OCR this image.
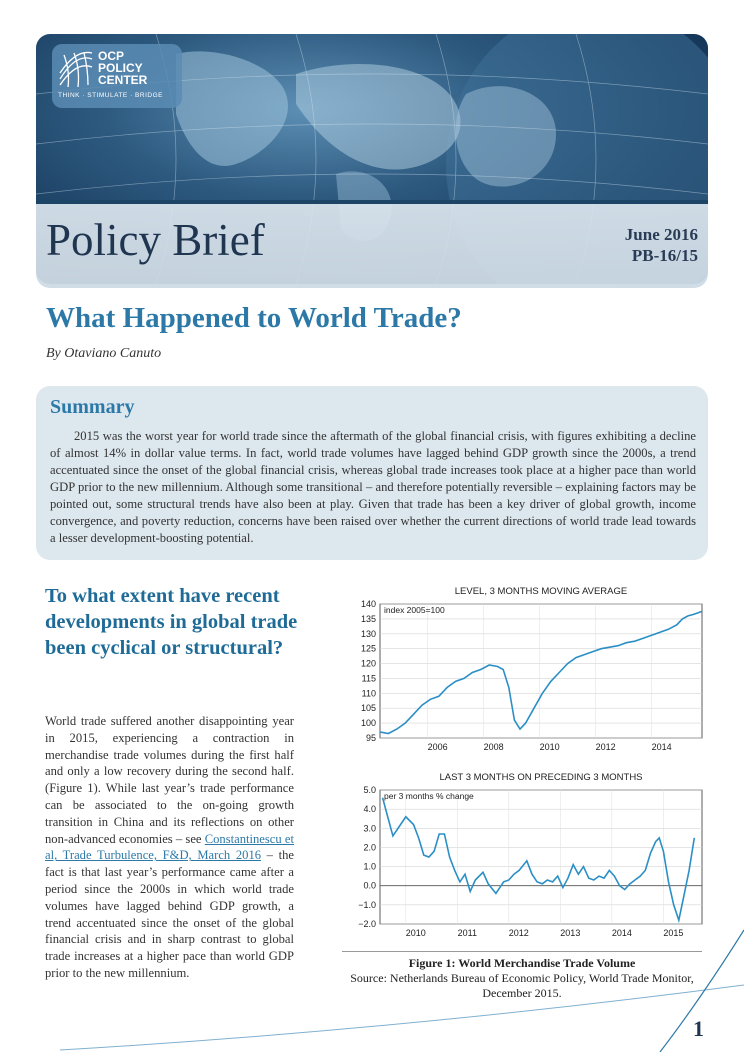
OCP
POLICY
CENTER
THINK · STIMULATE · BRIDGE
Policy Brief	June 2016
PB-16/15
What Happened to World Trade?
By Otaviano Canuto
Summary

2015 was the worst year for world trade since the aftermath of the global financial crisis, with figures exhibiting a decline of almost 14% in dollar value terms. In fact, world trade volumes have lagged behind GDP growth since the 2000s, a trend accentuated since the onset of the global financial crisis, whereas global trade increases took place at a higher pace than world GDP prior to the new millennium. Although some transitional – and therefore potentially reversible – explaining factors may be pointed out, some structural trends have also been at play. Given that trade has been a key driver of global growth, income convergence, and poverty reduction, concerns have been raised over whether the current directions of world trade lead towards a lesser development-boosting potential.

To what extent have recent developments in global trade been cyclical or structural?

World trade suffered another disappointing year in 2015, experiencing a contraction in merchandise trade volumes during the first half and only a low recovery during the second half. (Figure 1). While last year’s trade performance can be associated to the on-going growth transition in China and its reflections on other non-advanced economies – see Constantinescu et al, Trade Turbulence, F&D, March 2016 – the fact is that last year’s performance came after a period since the 2000s in which world trade volumes have lagged behind GDP growth, a trend accentuated since the onset of the global financial crisis and in sharp contrast to global trade increases at a higher pace than world GDP prior to the new millennium.

LEVEL, 3 MONTHS MOVING AVERAGE
95
100
105
110
115
120
125
130
135
140
2006	2008	2010	2012	2014
index 2005=100
LAST 3 MONTHS ON PRECEDING 3 MONTHS
5.0
4.0
3.0
2.0
1.0
0.0
−1.0
−2.0
2010	2011	2012	2013	2014	2015
per 3 months % change
Figure 1: World Merchandise Trade Volume
Source: Netherlands Bureau of Economic Policy, World Trade Monitor, December 2015.
1
